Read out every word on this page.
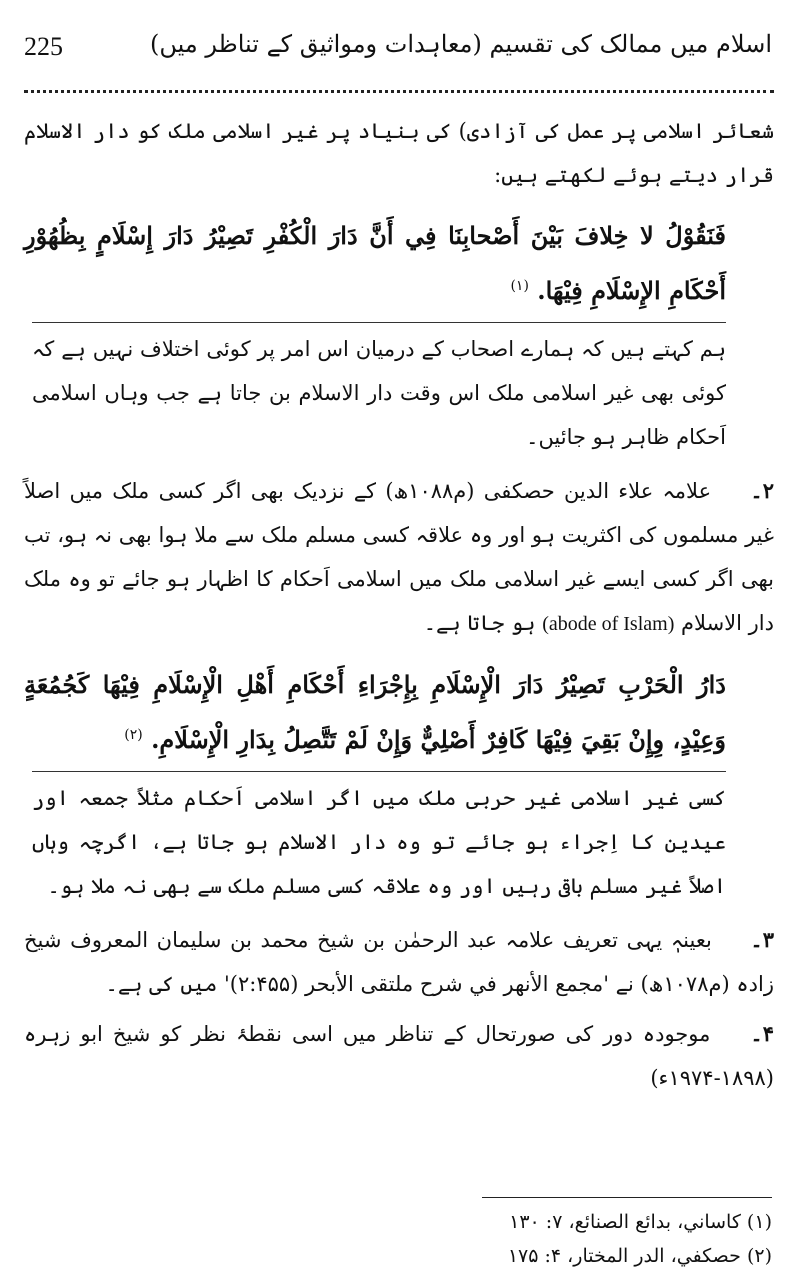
اسلام میں ممالک کی تقسیم (معاہدات ومواثیق کے تناظر میں)
225

شعائر اسلامی پر عمل کی آزادی) کی بنیاد پر غیر اسلامی ملک کو دار الاسلام قرار دیتے ہوئے لکھتے ہیں:

فَنَقُوْلُ لا خِلافَ بَيْنَ أَصْحابِنَا فِي أَنَّ دَارَ الْكُفْرِ تَصِيْرُ دَارَ إِسْلَامٍ بِظُهُوْرِ أَحْكَامِ الإِسْلَامِ فِيْهَا. $^{(١)}$

ہم کہتے ہیں کہ ہمارے اصحاب کے درمیان اس امر پر کوئی اختلاف نہیں ہے کہ کوئی بھی غیر اسلامی ملک اس وقت دار الاسلام بن جاتا ہے جب وہاں اسلامی اَحکام ظاہر ہو جائیں۔

۲۔ علامہ علاء الدین حصکفی (م۱۰۸۸ھ) کے نزدیک بھی اگر کسی ملک میں اصلاً غیر مسلموں کی اکثریت ہو اور وہ علاقہ کسی مسلم ملک سے ملا ہوا بھی نہ ہو، تب بھی اگر کسی ایسے غیر اسلامی ملک میں اسلامی اَحکام کا اظہار ہو جائے تو وہ ملک دار الاسلام (abode of Islam) ہو جاتا ہے۔

دَارُ الْحَرْبِ تَصِيْرُ دَارَ الْإِسْلَامِ بِإِجْرَاءِ أَحْكَامِ أَهْلِ الْإِسْلَامِ فِيْهَا كَجُمُعَةٍ وَعِيْدٍ، وِإِنْ بَقِيَ فِيْهَا كَافِرٌ أَصْلِيٌّ وَإِنْ لَمْ تَتَّصِلُ بِدَارِ الْإِسْلَامِ. $^{(٢)}$

کسی غیر اسلامی غیر حربی ملک میں اگر اسلامی اَحکام مثلاً جمعہ اور عیدین کا اِجراء ہو جائے تو وہ دار الاسلام ہو جاتا ہے، اگرچہ وہاں اصلاً غیر مسلم باقی رہیں اور وہ علاقہ کسی مسلم ملک سے بھی نہ ملا ہو۔

۳۔ بعینہٖ یہی تعریف علامہ عبد الرحمٰن بن شیخ محمد بن سلیمان المعروف شیخ زادہ (م۱۰۷۸ھ) نے 'مجمع الأنهر في شرح ملتقى الأبحر (۲:۴۵۵)' میں کی ہے۔

۴۔ موجودہ دور کی صورتحال کے تناظر میں اسی نقطۂ نظر کو شیخ ابو زہرہ (۱۸۹۸-۱۹۷۴ء)

(١) كاساني، بدائع الصنائع، ۷: ۱۳۰

(٢) حصكفي، الدر المختار، ۴: ۱۷۵
